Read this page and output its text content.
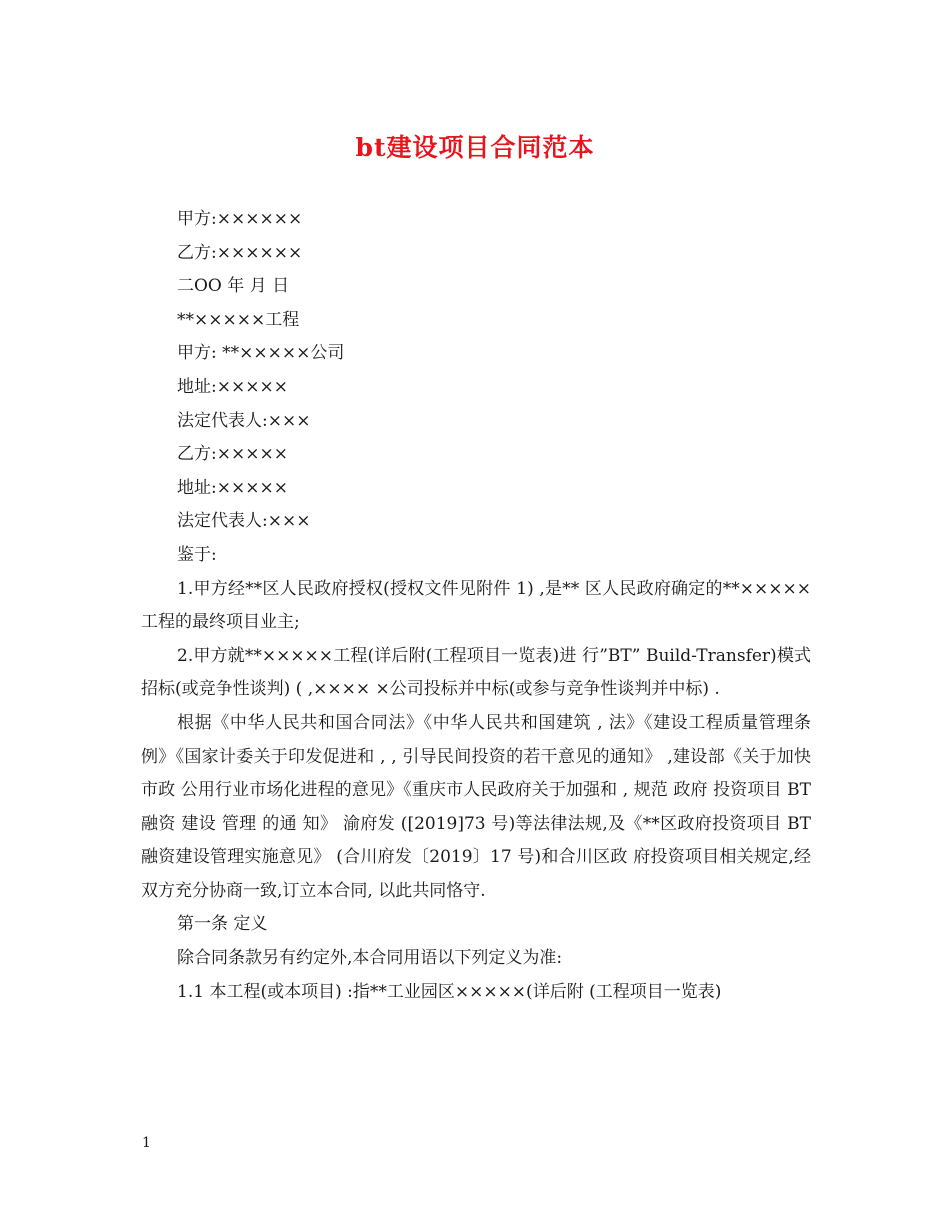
bt建设项目合同范本

甲方:××××××

乙方:××××××

二OO 年 月 日

**×××××工程

甲方: **×××××公司

地址:×××××

法定代表人:×××

乙方:×××××

地址:×××××

法定代表人:×××

鉴于:

1.甲方经**区人民政府授权(授权文件见附件 1) ,是** 区人民政府确定的**×××××工程的最终项目业主;

2.甲方就**×××××工程(详后附(工程项目一览表)进 行”BT” Build-Transfer)模式招标(或竞争性谈判) ( ,×××× ×公司投标并中标(或参与竞争性谈判并中标) .

根据《中华人民共和国合同法》《中华人民共和国建筑 , 法》《建设工程质量管理条例》《国家计委关于印发促进和 , , 引导民间投资的若干意见的通知》 ,建设部《关于加快市政 公用行业市场化进程的意见》《重庆市人民政府关于加强和 , 规范 政府 投资项目 BT 融资 建设 管理 的通 知》 渝府发 ([2019]73 号)等法律法规,及《**区政府投资项目 BT 融资建设管理实施意见》 (合川府发〔2019〕17 号)和合川区政 府投资项目相关规定,经双方充分协商一致,订立本合同, 以此共同恪守.

第一条 定义

除合同条款另有约定外,本合同用语以下列定义为准:

1.1 本工程(或本项目) :指**工业园区×××××(详后附 (工程项目一览表)

1
